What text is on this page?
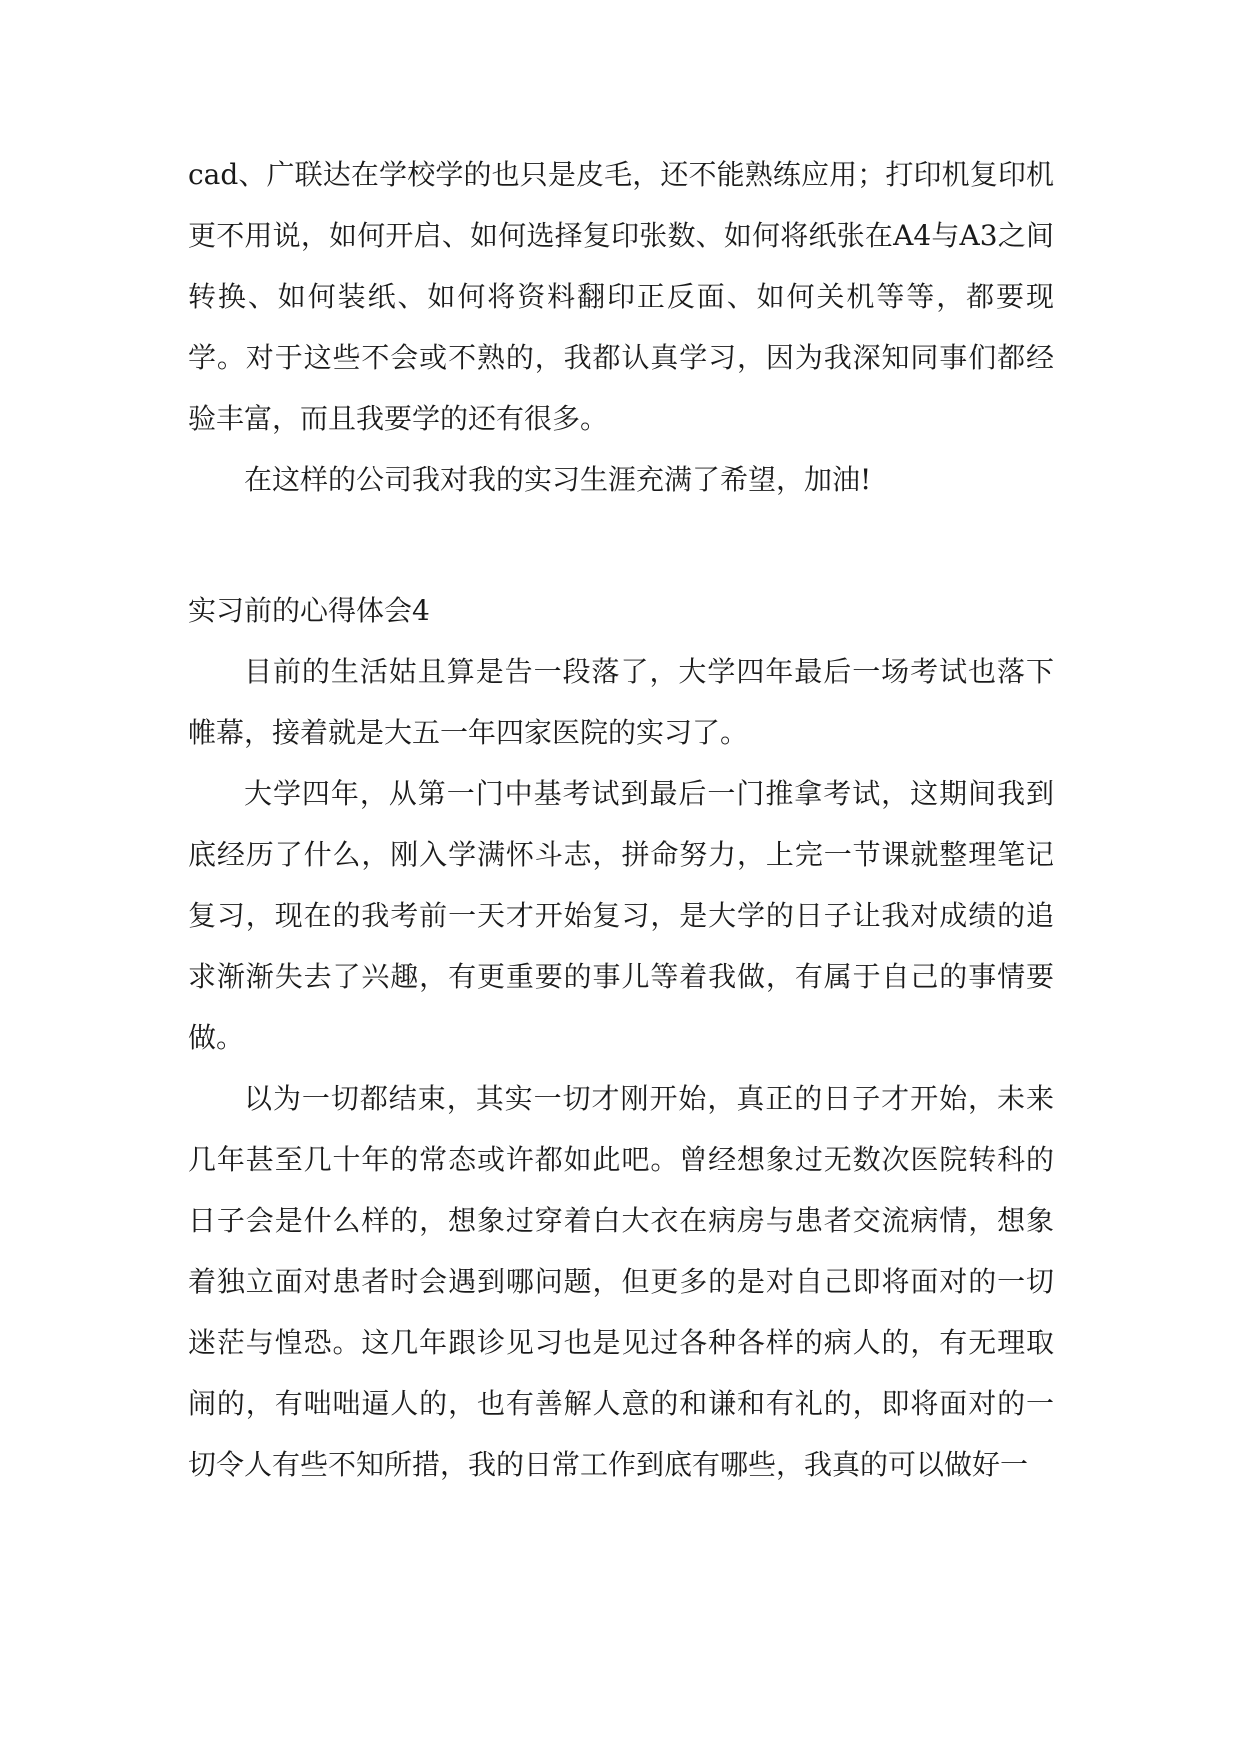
cad、广联达在学校学的也只是皮毛，还不能熟练应用；打印机复印机更不用说，如何开启、如何选择复印张数、如何将纸张在A4与A3之间转换、如何装纸、如何将资料翻印正反面、如何关机等等，都要现学。对于这些不会或不熟的，我都认真学习，因为我深知同事们都经验丰富，而且我要学的还有很多。

在这样的公司我对我的实习生涯充满了希望，加油!

实习前的心得体会4

目前的生活姑且算是告一段落了，大学四年最后一场考试也落下帷幕，接着就是大五一年四家医院的实习了。

大学四年，从第一门中基考试到最后一门推拿考试，这期间我到底经历了什么，刚入学满怀斗志，拼命努力，上完一节课就整理笔记复习，现在的我考前一天才开始复习，是大学的日子让我对成绩的追求渐渐失去了兴趣，有更重要的事儿等着我做，有属于自己的事情要做。

以为一切都结束，其实一切才刚开始，真正的日子才开始，未来几年甚至几十年的常态或许都如此吧。曾经想象过无数次医院转科的日子会是什么样的，想象过穿着白大衣在病房与患者交流病情，想象着独立面对患者时会遇到哪问题，但更多的是对自己即将面对的一切迷茫与惶恐。这几年跟诊见习也是见过各种各样的病人的，有无理取闹的，有咄咄逼人的，也有善解人意的和谦和有礼的，即将面对的一切令人有些不知所措，我的日常工作到底有哪些，我真的可以做好一
